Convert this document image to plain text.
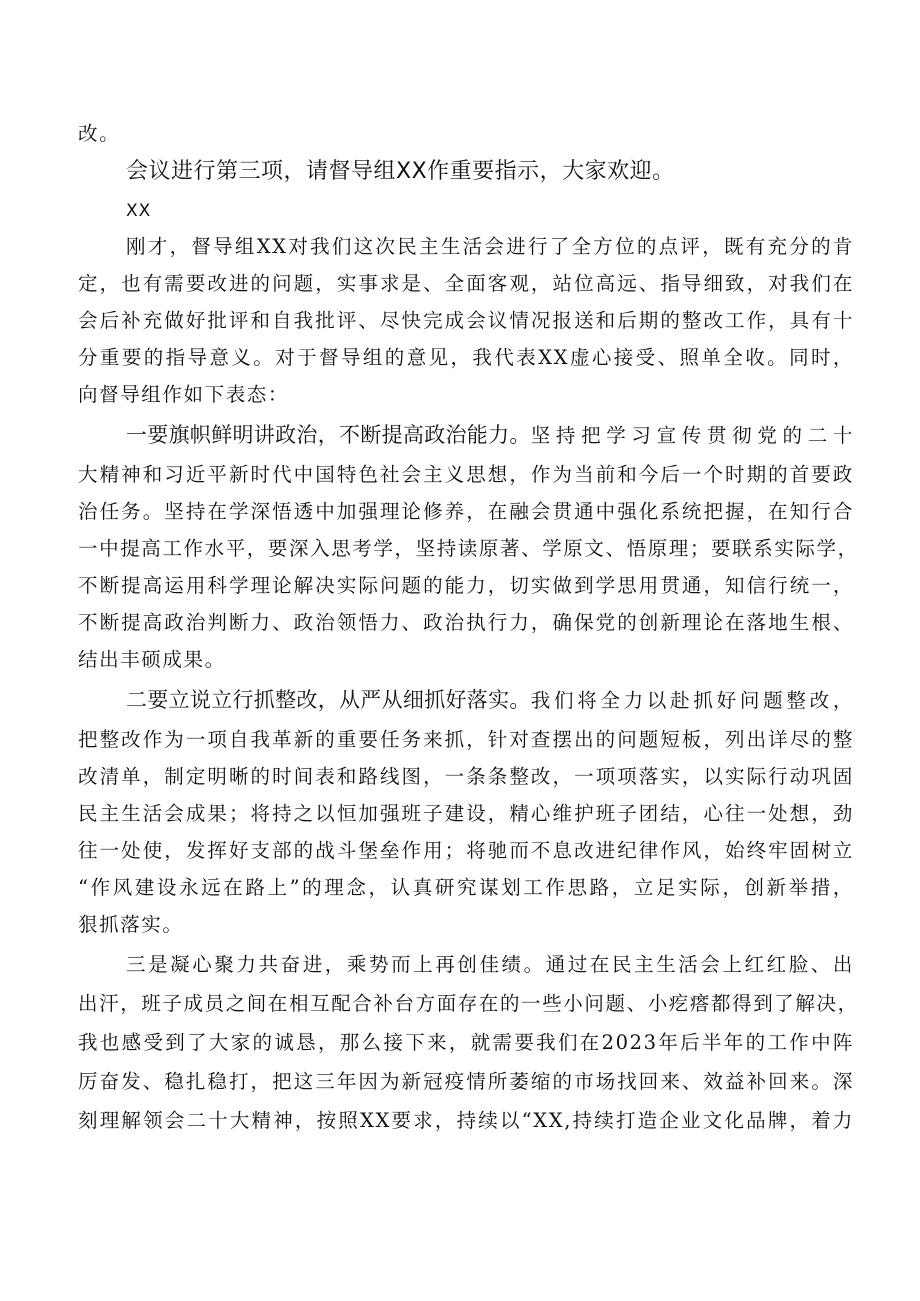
改。
会议进行第三项，请督导组XX作重要指示，大家欢迎。
XX
刚才，督导组XX对我们这次民主生活会进行了全方位的点评，既有充分的肯
定，也有需要改进的问题，实事求是、全面客观，站位高远、指导细致，对我们在
会后补充做好批评和自我批评、尽快完成会议情况报送和后期的整改工作，具有十
分重要的指导意义。对于督导组的意见，我代表XX虚心接受、照单全收。同时，
向督导组作如下表态：
一要旗帜鲜明讲政治，不断提高政治能力。 坚持把学习宣传贯彻党的二十
大精神和习近平新时代中国特色社会主义思想，作为当前和今后一个时期的首要政
治任务。坚持在学深悟透中加强理论修养，在融会贯通中强化系统把握，在知行合
一中提高工作水平，要深入思考学，坚持读原著、学原文、悟原理；要联系实际学，
不断提高运用科学理论解决实际问题的能力，切实做到学思用贯通，知信行统一，
不断提高政治判断力、政治领悟力、政治执行力，确保党的创新理论在落地生根、
结出丰硕成果。
二要立说立行抓整改，从严从细抓好落实。 我们将全力以赴抓好问题整改，
把整改作为一项自我革新的重要任务来抓，针对查摆出的问题短板，列出详尽的整
改清单，制定明晰的时间表和路线图，一条条整改，一项项落实，以实际行动巩固
民主生活会成果；将持之以恒加强班子建设，精心维护班子团结，心往一处想，劲
往一处使，发挥好支部的战斗堡垒作用；将驰而不息改进纪律作风，始终牢固树立
“作风建设永远在路上”的理念，认真研究谋划工作思路，立足实际，创新举措，
狠抓落实。
三是凝心聚力共奋进，乘势而上再创佳绩。通过在民主生活会上红红脸、出
出汗，班子成员之间在相互配合补台方面存在的一些小问题、小疙瘩都得到了解决，
我也感受到了大家的诚恳，那么接下来，就需要我们在2023年后半年的工作中阵
厉奋发、稳扎稳打，把这三年因为新冠疫情所萎缩的市场找回来、效益补回来。深
刻理解领会二十大精神，按照XX要求，持续以“XX,持续打造企业文化品牌，着力
